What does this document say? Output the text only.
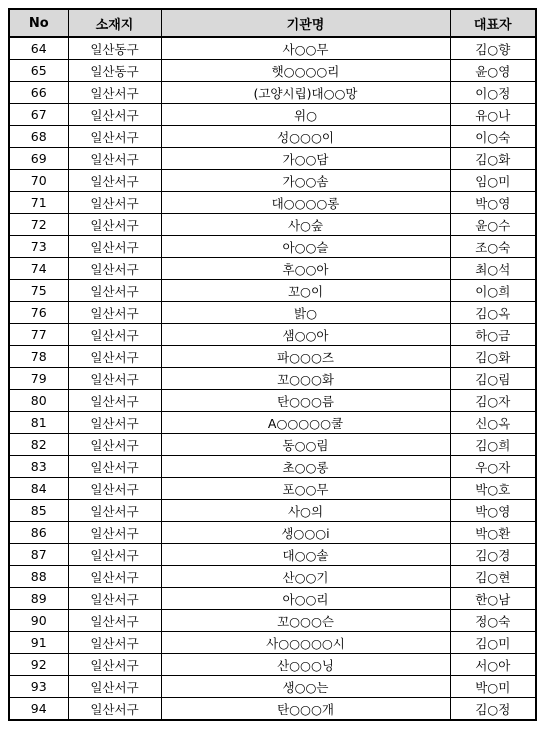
No	소재지	기관명	대표자
64	일산동구	사○○무	김○향
65	일산동구	햇○○○○리	윤○영
66	일산서구	(고양시립)대○○망	이○정
67	일산서구	위○	유○나
68	일산서구	성○○○이	이○숙
69	일산서구	가○○담	김○화
70	일산서구	가○○솜	임○미
71	일산서구	대○○○○롱	박○영
72	일산서구	사○숲	윤○수
73	일산서구	아○○슬	조○숙
74	일산서구	후○○아	최○석
75	일산서구	꼬○이	이○희
76	일산서구	밝○	김○옥
77	일산서구	샘○○아	하○금
78	일산서구	파○○○즈	김○화
79	일산서구	꼬○○○화	김○림
80	일산서구	탄○○○름	김○자
81	일산서구	A○○○○○쿨	신○옥
82	일산서구	동○○림	김○희
83	일산서구	초○○롱	우○자
84	일산서구	포○○무	박○호
85	일산서구	사○의	박○영
86	일산서구	생○○○i	박○환
87	일산서구	대○○솔	김○경
88	일산서구	산○○기	김○현
89	일산서구	아○○리	한○남
90	일산서구	꼬○○○슨	정○숙
91	일산서구	사○○○○○시	김○미
92	일산서구	산○○○닝	서○아
93	일산서구	생○○는	박○미
94	일산서구	탄○○○개	김○정
